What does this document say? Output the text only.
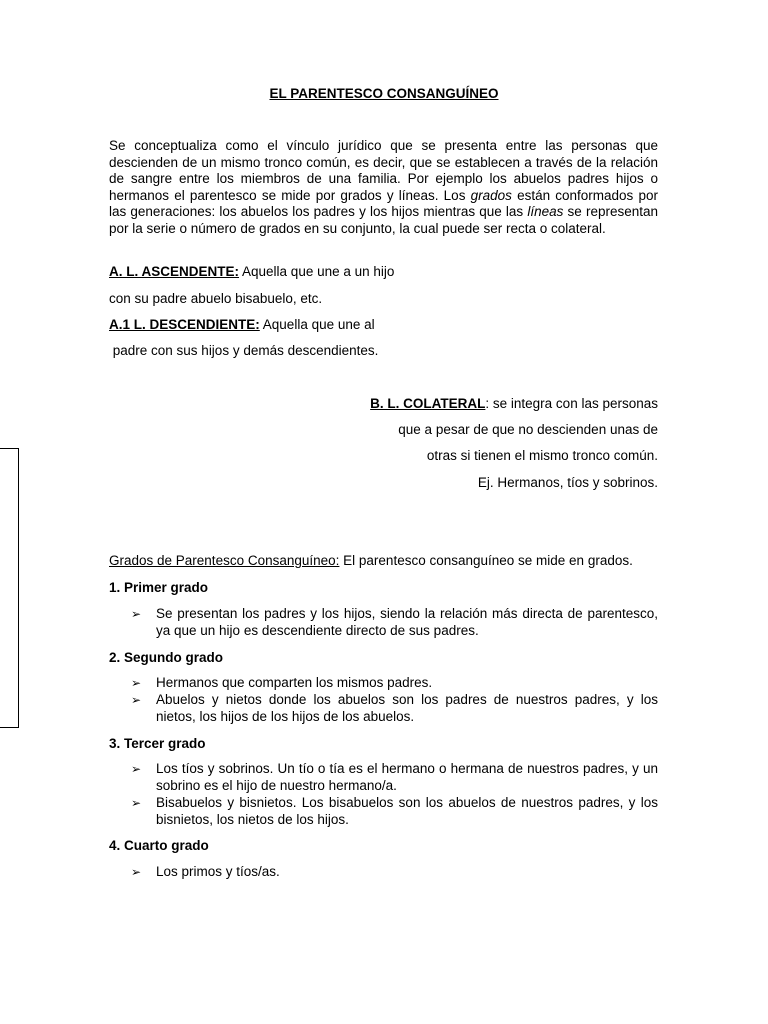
EL PARENTESCO CONSANGUÍNEO
Se conceptualiza como el vínculo jurídico que se presenta entre las personas que descienden de un mismo tronco común, es decir, que se establecen a través de la relación de sangre entre los miembros de una familia. Por ejemplo los abuelos padres hijos o hermanos el parentesco se mide por grados y líneas. Los grados están conformados por las generaciones: los abuelos los padres y los hijos mientras que las líneas se representan por la serie o número de grados en su conjunto, la cual puede ser recta o colateral.
A. L. ASCENDENTE: Aquella que une a un hijo
con su padre abuelo bisabuelo, etc.
A.1 L. DESCENDIENTE: Aquella que une al
padre con sus hijos y demás descendientes.
B. L. COLATERAL: se integra con las personas
que a pesar de que no descienden unas de
otras si tienen el mismo tronco común.
Ej. Hermanos, tíos y sobrinos.
Grados de Parentesco Consanguíneo: El parentesco consanguíneo se mide en grados.
1. Primer grado
➢ Se presentan los padres y los hijos, siendo la relación más directa de parentesco, ya que un hijo es descendiente directo de sus padres.
2. Segundo grado
➢ Hermanos que comparten los mismos padres.
➢ Abuelos y nietos donde los abuelos son los padres de nuestros padres, y los nietos, los hijos de los hijos de los abuelos.
3. Tercer grado
➢ Los tíos y sobrinos. Un tío o tía es el hermano o hermana de nuestros padres, y un sobrino es el hijo de nuestro hermano/a.
➢ Bisabuelos y bisnietos. Los bisabuelos son los abuelos de nuestros padres, y los bisnietos, los nietos de los hijos.
4. Cuarto grado
➢ Los primos y tíos/as.
